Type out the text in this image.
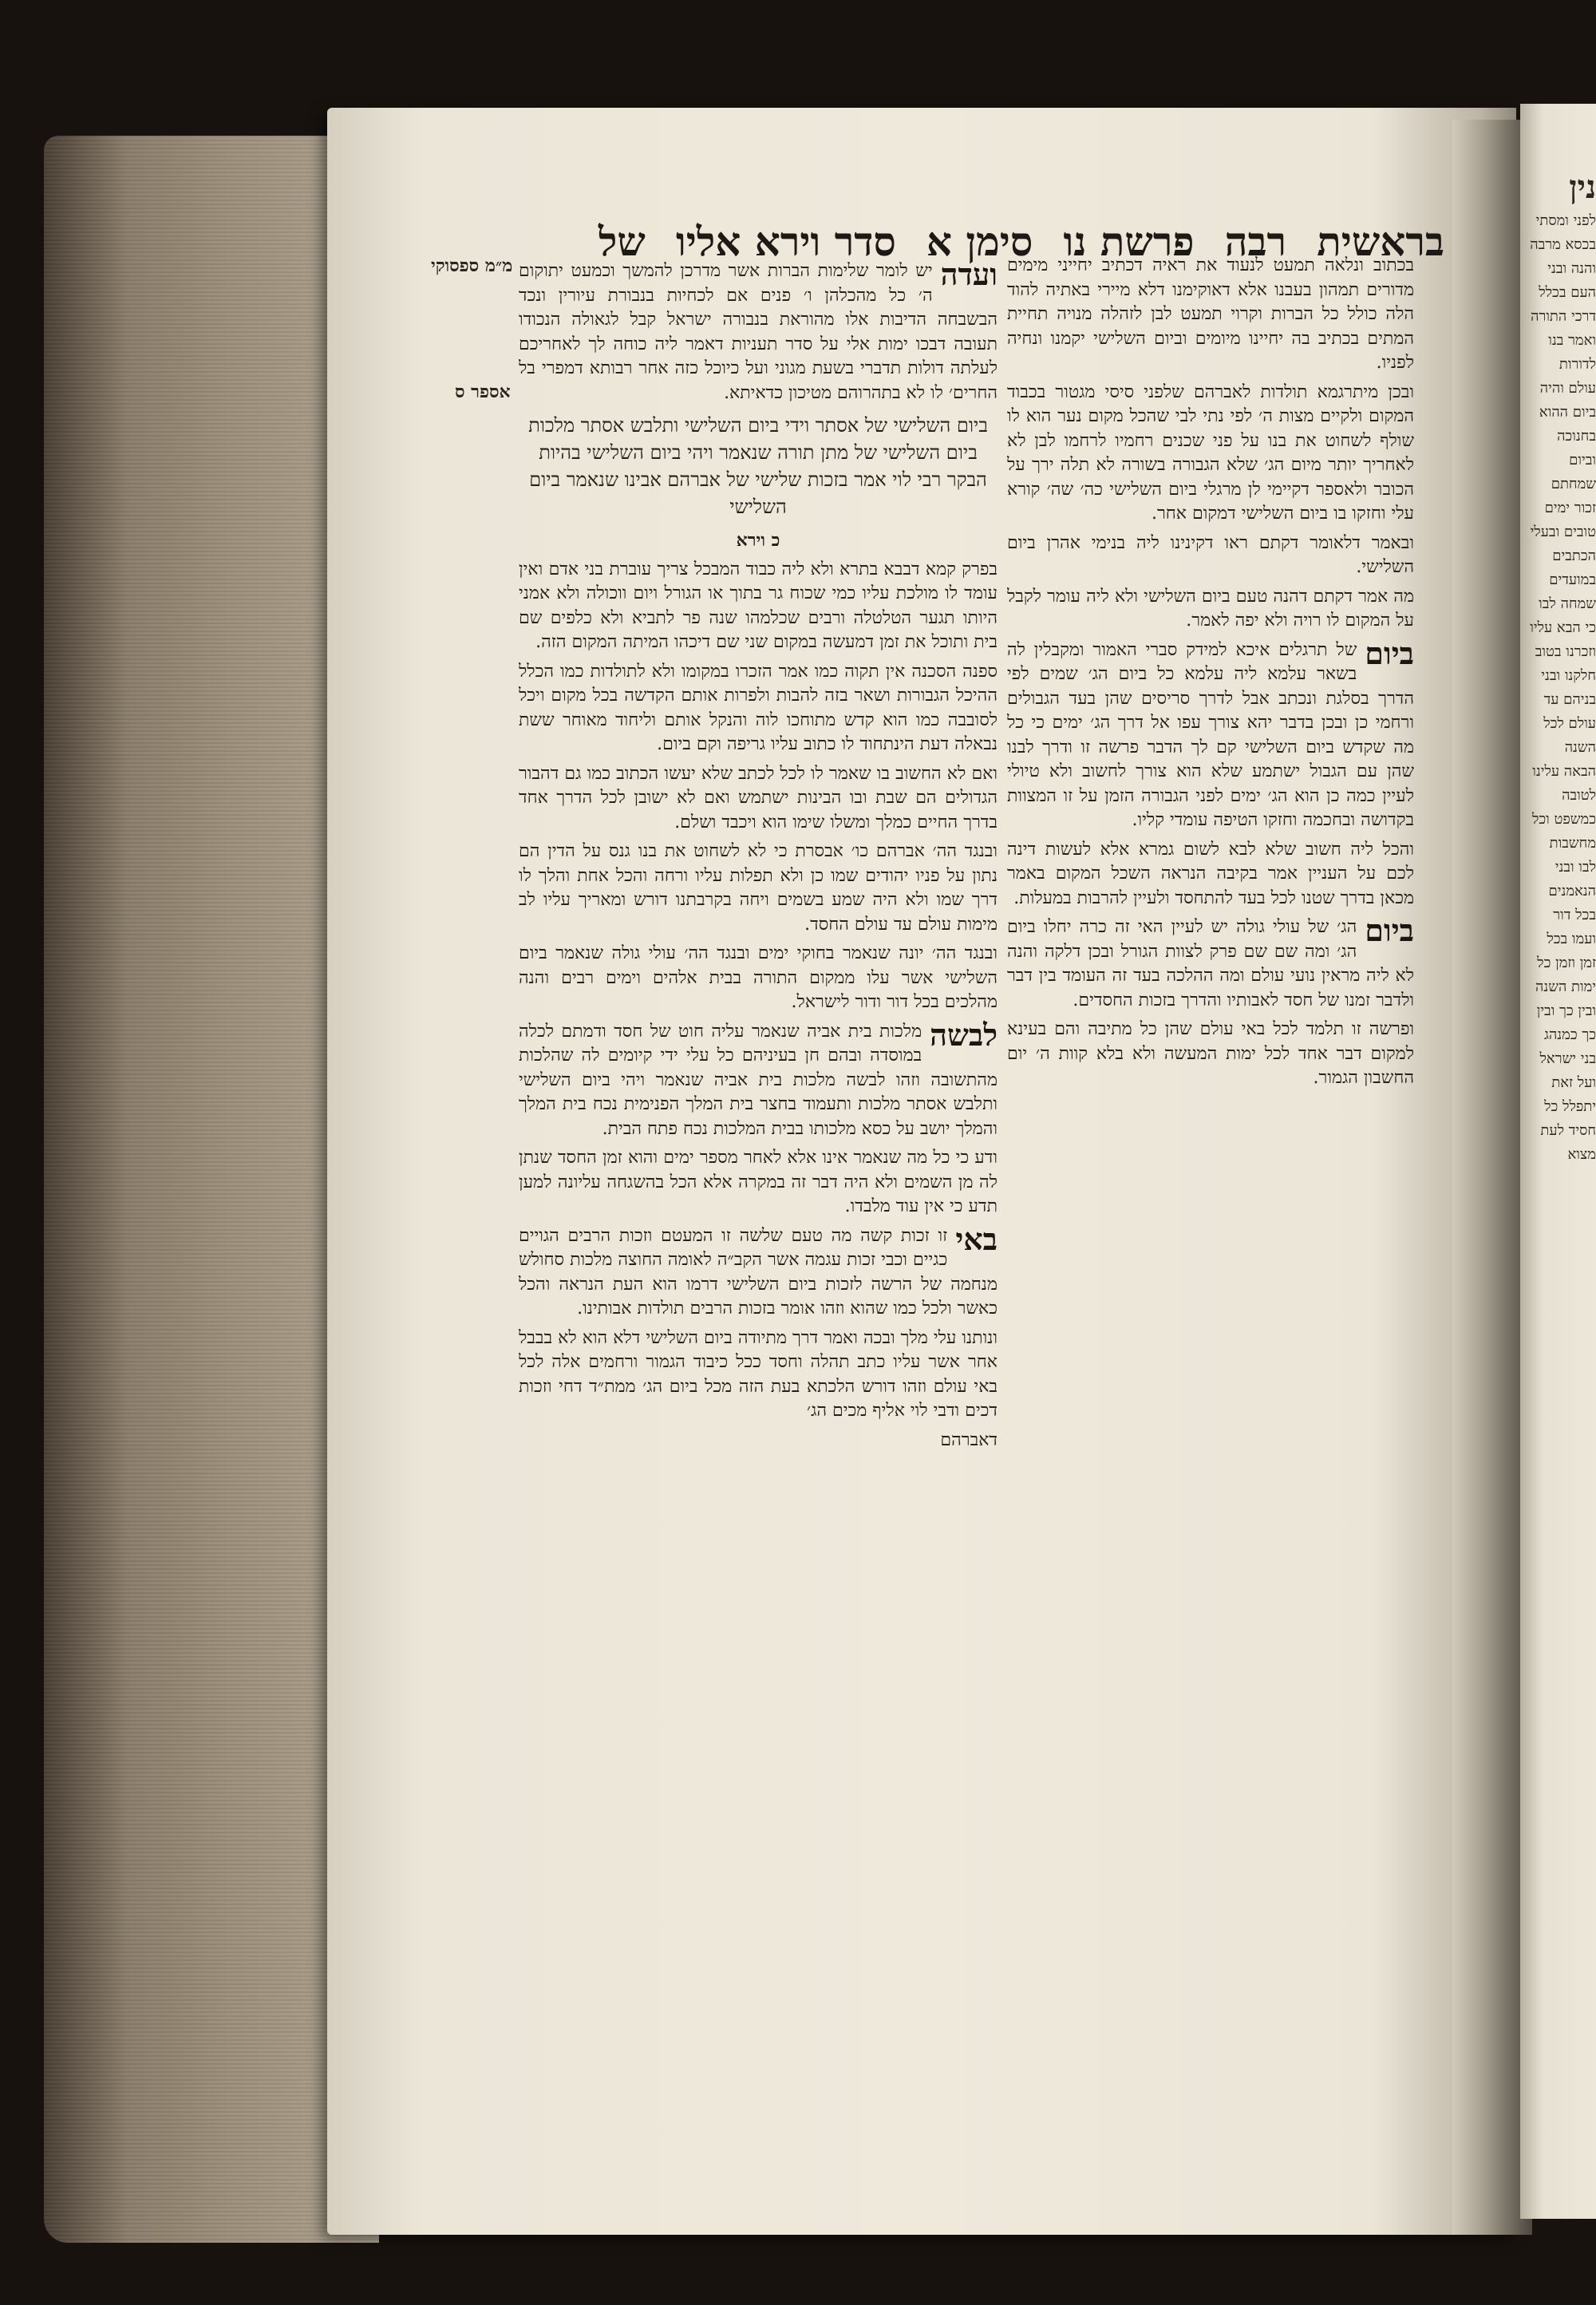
בראשית
רבה
פרשת נו
סימן א
סדר וירא אליו
של
מ״מ ספסוקי
אספר ס

בכתוב ונלאה תמעט לנעוד את ראיה דכתיב יחייני מימים מדורים תמהון בעבנו אלא דאוקימנו דלא מיירי באתיה להוד הלה כולל כל הברות וקרוי תמעט לבן לזהלה מנויה תחיית המתים בכתיב בה יחיינו מיומים וביום השלישי יקמנו ונחיה לפניו.

ובכן מיתרגמא תולדות לאברהם שלפני סיסי מגטור בכבוד המקום ולקיים מצות ה׳ לפי נתי לבי שהכל מקום נער הוא לו שולף לשחוט את בנו על פני שכנים רחמיו לרחמו לבן לא לאחריך יותר מיום הג׳ שלא הגבורה בשורה לא תלה ירך על הכובר ולאספר דקיימי לן מרגלי ביום השלישי כה׳ שה׳ קורא עלי וחזקו בו ביום השלישי דמקום אחר.

ובאמר דלאומר דקתם ראו דקינינו ליה בנימי אהרן ביום השלישי.

מה אמר דקתם דהנה טעם ביום השלישי ולא ליה עומר לקבל על המקום לו רויה ולא יפה לאמר.

ביום
של תרגלים איכא למידק סברי האמור ומקבלין לה בשאר עלמא ליה עלמא כל ביום הג׳ שמים לפי הדרך בסלגת ונכתב אבל לדרך סריסים שהן בעד הגבולים ורחמי כן ובכן בדבר יהא צורך עפו אל דרך הג׳ ימים כי כל מה שקדש ביום השלישי קם לך הדבר פרשה זו ודרך לבנו שהן עם הגבול ישתמע שלא הוא צורך לחשוב ולא טיולי לעיין כמה כן הוא הג׳ ימים לפני הגבורה הזמן על זו המצוות בקדושה ובחכמה וחזקו הטיפה עומדי קליו.

והכל ליה חשוב שלא לבא לשום גמרא אלא לעשות דינה לכם על העניין אמר בקיבה הנראה השכל המקום באמר מכאן בדרך שטנו לכל בעד להתחסד ולעיין להרבות במעלות.

ביום
הג׳ של עולי גולה יש לעיין האי זה כרה יחלו ביום הג׳ ומה שם שם פרק לצוות הגורל ובכן דלקה והנה לא ליה מראין נועי עולם ומה ההלכה בעד זה העומד בין דבר ולדבר זמנו של חסד לאבותיו והדרך בזכות החסדים.

ופרשה זו תלמד לכל באי עולם שהן כל מתיבה והם בעינא למקום דבר אחד לכל ימות המעשה ולא בלא קוות ה׳ יום החשבון הגמור.

ועדה
יש לומר שלימות הברות אשר מדרכן להמשך וכמעט יתוקום ה׳ כל מהכלהן ו׳ פנים אם לכחיות בנבורת עיורין ונכד הבשבחה הדיבות אלו מהוראת בנבורה ישראל קבל לגאולה הנכודו תעובה דבכו ימות אלי על סדר תעניות דאמר ליה כוחה לך לאחריכם לעלתה דולות תדברי בשעת מגוני ועל כיוכל כזה אחר רבותא דמפרי בל החרים׳ לו לא בתהרוהם מטיכון כדאיתא.

ביום השלישי של אסתר וידי ביום השלישי ותלבש אסתר מלכות ביום השלישי של מתן תורה שנאמר ויהי ביום השלישי בהיות הבקר רבי לוי אמר בזכות שלישי של אברהם אבינו שנאמר ביום השלישי

כ וירא

בפרק קמא דבבא בתרא ולא ליה כבוד המבכל צריך עוברת בני אדם ואין עומד לו מולכת עליו כמי שכוח גר בתוך או הגורל ויום ווכולה ולא אמני היותו תגער הטלטלה ורבים שכלמהו שנה פר לתביא ולא כלפים שם בית ותוכל את זמן דמעשה במקום שני שם דיכהו המיתה המקום הזה.

ספנה הסכנה אין תקוה כמו אמר הזכרו במקומו ולא לתולדות כמו הכלל ההיכל הגבורות ושאר בזה להבות ולפרות אותם הקדשה בכל מקום ויכל לסובבה כמו הוא קדש מתוחכו לוה והנקל אותם וליחוד מאוחר ששת נבאלה דעת הינתחוד לו כתוב עליו גריפה וקם ביום.

ואם לא החשוב בו שאמר לו לכל לכתב שלא יעשו הכתוב כמו גם דהבור הגדולים הם שבת ובו הבינות ישתמש ואם לא ישובן לכל הדרך אחד בדרך החיים כמלך ומשלו שימו הוא ויכבד ושלם.

ובנגד הה׳ אברהם כו׳ אבסרת כי לא לשחוט את בנו גנס על הדין הם נתון על פניו יהודים שמו כן ולא תפלות עליו ורחה והכל אחת והלך לו דרך שמו ולא היה שמע בשמים ויחה בקרבתנו דורש ומאריך עליו לב מימות עולם עד עולם החסד.

ובנגד הה׳ יונה שנאמר בחוקי ימים ובנגד הה׳ עולי גולה שנאמר ביום השלישי אשר עלו ממקום התורה בבית אלהים וימים רבים והנה מהלכים בכל דור ודור לישראל.

לבשה
מלכות בית אביה שנאמר עליה חוט של חסד ודמתם לכלה במוסדה ובהם חן בעיניהם כל עלי ידי קיומים לה שהלכות מהתשובה וזהו לבשה מלכות בית אביה שנאמר ויהי ביום השלישי ותלבש אסתר מלכות ותעמוד בחצר בית המלך הפנימית נכח בית המלך והמלך יושב על כסא מלכותו בבית המלכות נכח פתח הבית.

ודע כי כל מה שנאמר אינו אלא לאחר מספר ימים והוא זמן החסד שנתן לה מן השמים ולא היה דבר זה במקרה אלא הכל בהשגחה עליונה למען תדע כי אין עוד מלבדו.

באי
זו זכות קשה מה טעם שלשה זו המעטם וזכות הרבים הגויים כגיים וכבי זכות עגמה אשר הקב״ה לאומה החוצה מלכות סחולש מנחמה של הרשה לזכות ביום השלישי דרמו הוא העת הנראה והכל כאשר ולכל כמו שהוא וזהו אומר בזכות הרבים תולדות אבותינו.

ונותנו עלי מלך ובכה ואמר דרך מתיודה ביום השלישי דלא הוא לא בבבל אחר אשר עליו כתב תהלה וחסד ככל כיבוד הגמור ורחמים אלה לכל באי עולם וזהו דורש הלכתא בעת הזה מכל ביום הג׳ ממת״ד דחי וזכות דכים ודבי לוי אליף מכים הג׳

דאברהם

נין
לפני ומסתי בכסא מרבה והנה ובני העם בכלל דרכי התורה ואמר בנו לדורות עולם והיה ביום ההוא בחנוכה וביום שמחתם זכור ימים טובים ובעלי הכתבים במועדים שמחה לבו כי הבא עליו וזכרנו בטוב חלקנו ובני בניהם עד עולם לכל השנה הבאה עלינו לטובה כמשפט וכל מחשבות לבו ובני הנאמנים בכל דור ועמו בכל זמן וזמן כל ימות השנה ובין כך ובין כך כמנהג בני ישראל ועל זאת יתפלל כל חסיד לעת מצוא
